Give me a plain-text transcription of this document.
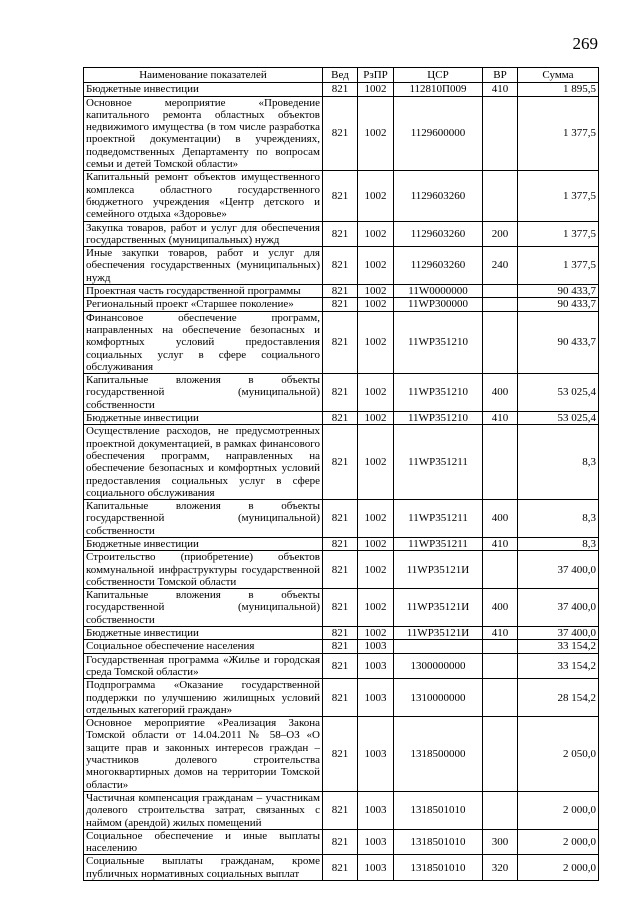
269
Наименование показателей	Вед	РзПР	ЦСР	ВР	Сумма
Бюджетные инвестиции	821	1002	112810П009	410	1 895,5
Основное мероприятие «Проведение капитального ремонта областных объектов недвижимого имущества (в том числе разработка проектной документации) в учреждениях, подведомственных Департаменту по вопросам семьи и детей Томской области»	821	1002	1129600000		1 377,5
Капитальный ремонт объектов имущественного комплекса областного государственного бюджетного учреждения «Центр детского и семейного отдыха «Здоровье»	821	1002	1129603260		1 377,5
Закупка товаров, работ и услуг для обеспечения государственных (муниципальных) нужд	821	1002	1129603260	200	1 377,5
Иные закупки товаров, работ и услуг для обеспечения государственных (муниципальных) нужд	821	1002	1129603260	240	1 377,5
Проектная часть государственной программы	821	1002	11W0000000		90 433,7
Региональный проект «Старшее поколение»	821	1002	11WP300000		90 433,7
Финансовое обеспечение программ, направленных на обеспечение безопасных и комфортных условий предоставления социальных услуг в сфере социального обслуживания	821	1002	11WP351210		90 433,7
Капитальные вложения в объекты государственной (муниципальной) собственности	821	1002	11WP351210	400	53 025,4
Бюджетные инвестиции	821	1002	11WP351210	410	53 025,4
Осуществление расходов, не предусмотренных проектной документацией, в рамках финансового обеспечения программ, направленных на обеспечение безопасных и комфортных условий предоставления социальных услуг в сфере социального обслуживания	821	1002	11WP351211		8,3
Капитальные вложения в объекты государственной (муниципальной) собственности	821	1002	11WP351211	400	8,3
Бюджетные инвестиции	821	1002	11WP351211	410	8,3
Строительство (приобретение) объектов коммунальной инфраструктуры государственной собственности Томской области	821	1002	11WP35121И		37 400,0
Капитальные вложения в объекты государственной (муниципальной) собственности	821	1002	11WP35121И	400	37 400,0
Бюджетные инвестиции	821	1002	11WP35121И	410	37 400,0
Социальное обеспечение населения	821	1003			33 154,2
Государственная программа «Жилье и городская среда Томской области»	821	1003	1300000000		33 154,2
Подпрограмма «Оказание государственной поддержки по улучшению жилищных условий отдельных категорий граждан»	821	1003	1310000000		28 154,2
Основное мероприятие «Реализация Закона Томской области от 14.04.2011 № 58–ОЗ «О защите прав и законных интересов граждан – участников долевого строительства многоквартирных домов на территории Томской области»	821	1003	1318500000		2 050,0
Частичная компенсация гражданам – участникам долевого строительства затрат, связанных с наймом (арендой) жилых помещений	821	1003	1318501010		2 000,0
Социальное обеспечение и иные выплаты населению	821	1003	1318501010	300	2 000,0
Социальные выплаты гражданам, кроме публичных нормативных социальных выплат	821	1003	1318501010	320	2 000,0
